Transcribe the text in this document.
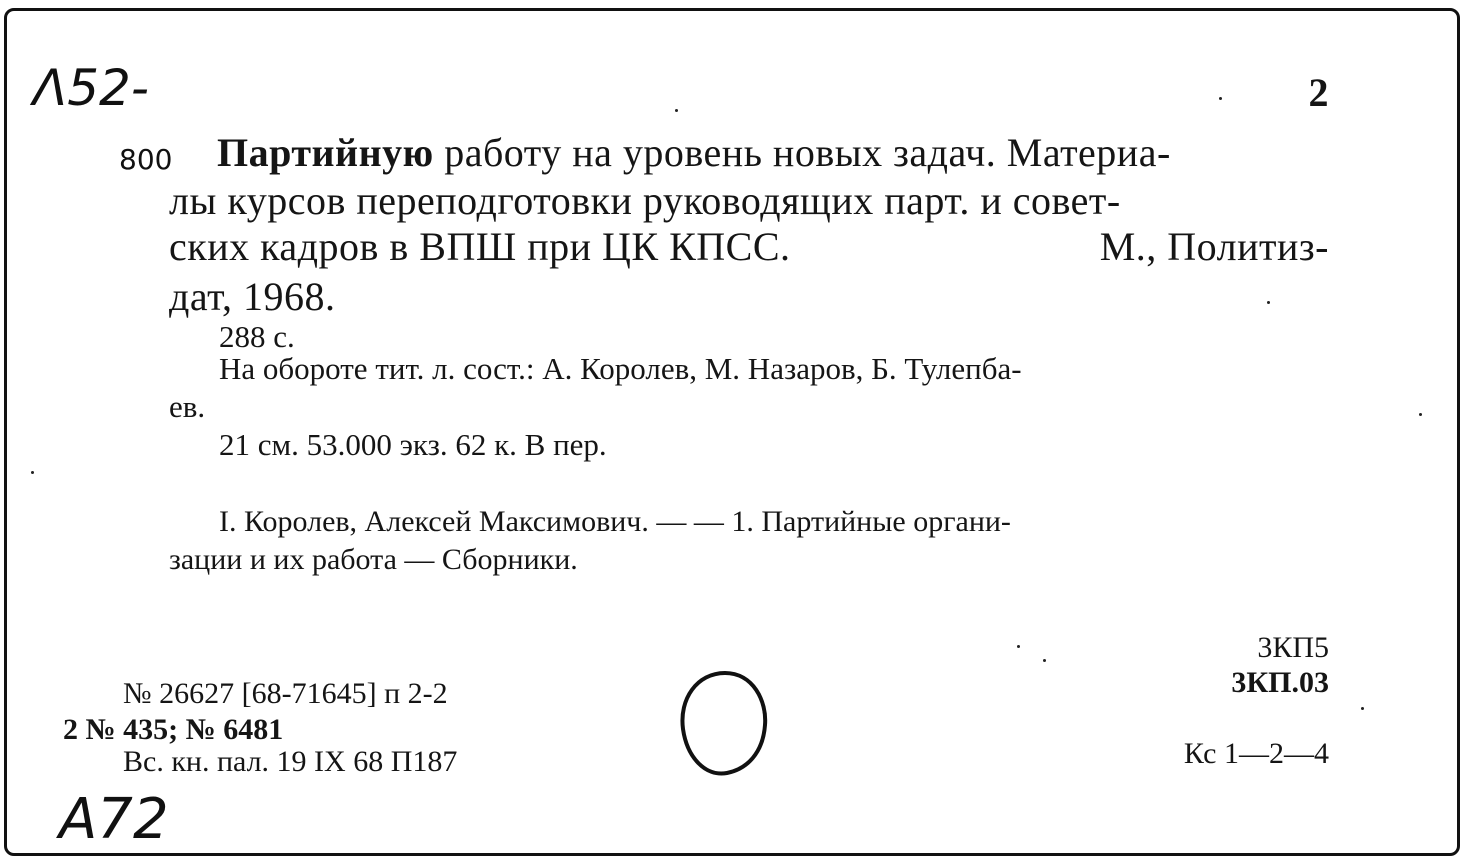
Λ52-	2
800 Партийную работу на уровень новых задач. Материа-
лы курсов переподготовки руководящих парт. и совет-
ских кадров в ВПШ при ЦК КПСС.	М., Политиз-
дат, 1968.
288 с.
На обороте тит. л. сост.: А. Королев, М. Назаров, Б. Тулепба-
ев.
21 см. 53.000 экз. 62 к. В пер.
I. Королев, Алексей Максимович. — — 1. Партийные органи-
зации и их работа — Сборники.
3КП5
3КП.03
№ 26627 [68-71645] п 2-2
2 № 435; № 6481
Вс. кн. пал. 19 IX 68 П187	Кс 1—2—4
A72
